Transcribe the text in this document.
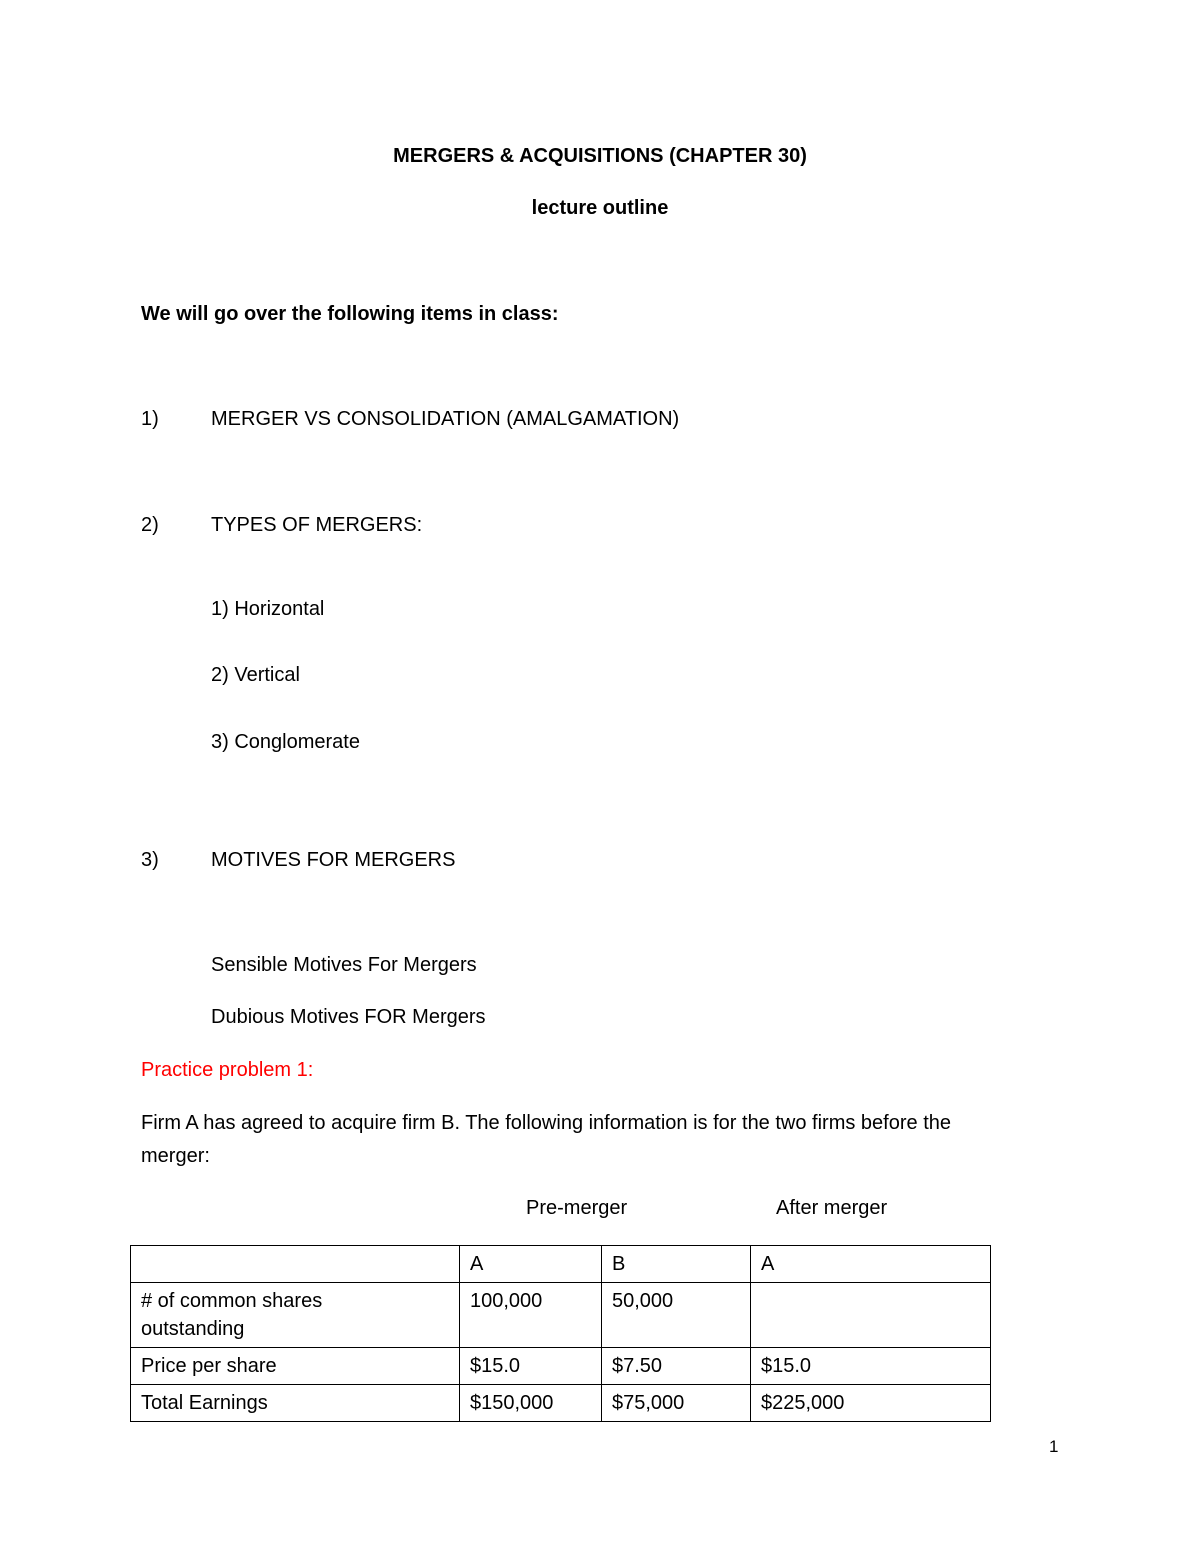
MERGERS & ACQUISITIONS (CHAPTER 30)
lecture outline
We will go over the following items in class:
1)	MERGER VS CONSOLIDATION (AMALGAMATION)
2)	TYPES OF MERGERS:
1) Horizontal
2) Vertical
3) Conglomerate
3)	MOTIVES FOR MERGERS
Sensible Motives For Mergers
Dubious Motives FOR Mergers
Practice problem 1:
Firm A has agreed to acquire firm B. The following information is for the two firms before the
merger:
Pre-merger	After merger
	A	B	A

# of common shares
outstanding	100,000	50,000	
Price per share	$15.0	$7.50	$15.0
Total Earnings	$150,000	$75,000	$225,000
1
